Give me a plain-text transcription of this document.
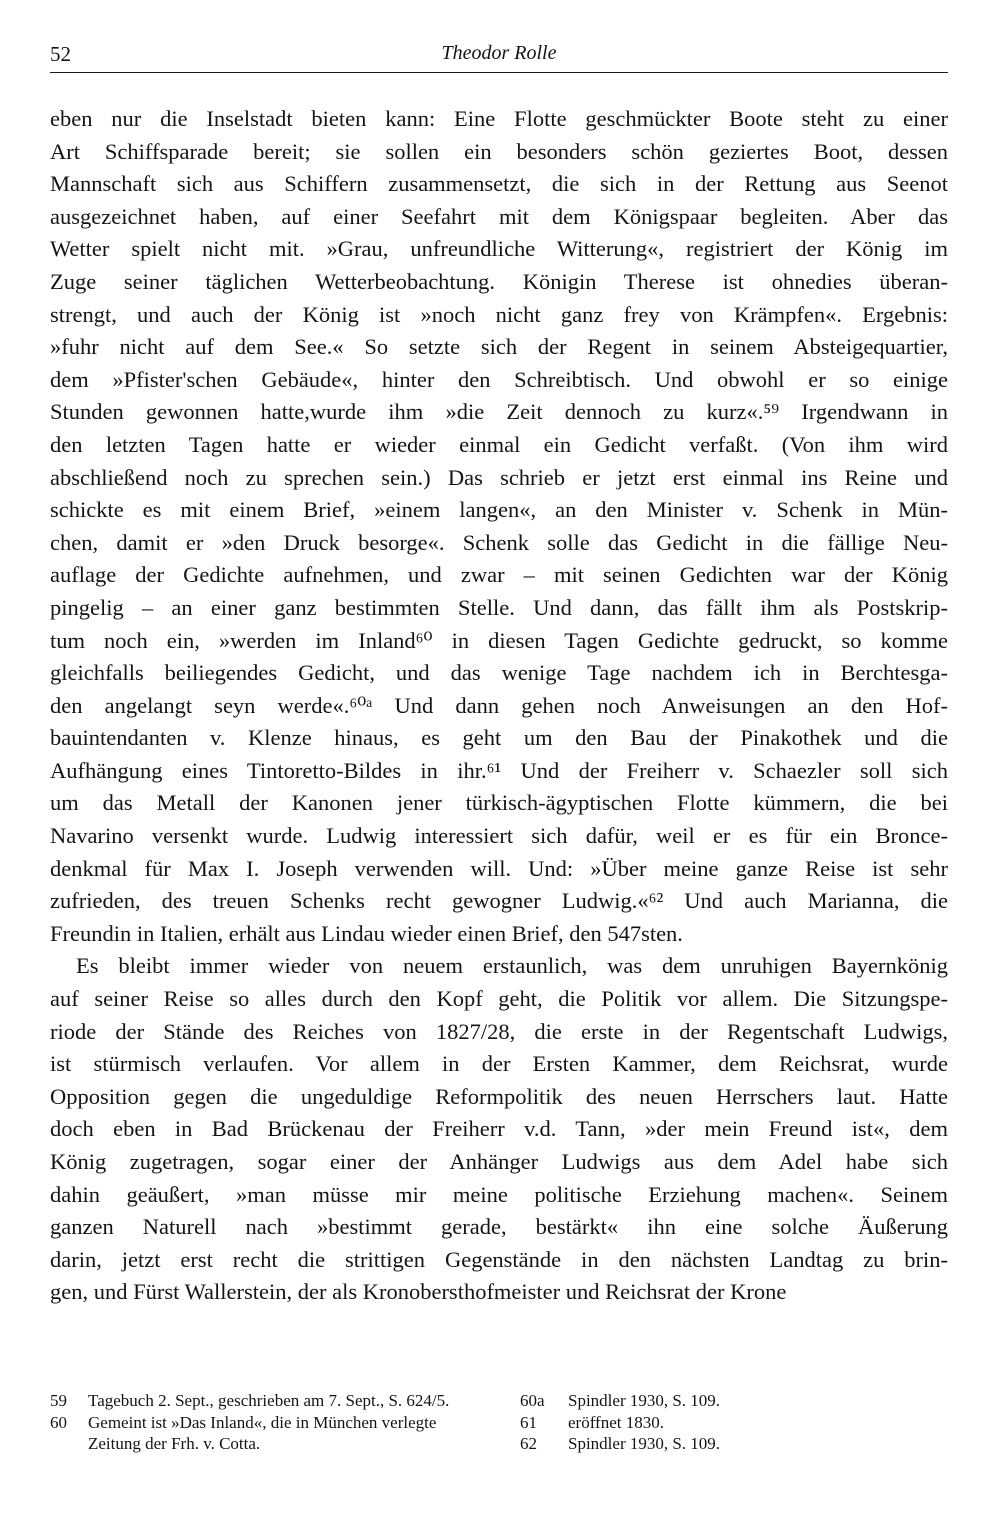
52	Theodor Rolle
eben nur die Inselstadt bieten kann: Eine Flotte geschmückter Boote steht zu einer
Art Schiffsparade bereit; sie sollen ein besonders schön geziertes Boot, dessen
Mannschaft sich aus Schiffern zusammensetzt, die sich in der Rettung aus Seenot
ausgezeichnet haben, auf einer Seefahrt mit dem Königspaar begleiten. Aber das
Wetter spielt nicht mit. »Grau, unfreundliche Witterung«, registriert der König im
Zuge seiner täglichen Wetterbeobachtung. Königin Therese ist ohnedies überan-
strengt, und auch der König ist »noch nicht ganz frey von Krämpfen«. Ergebnis:
»fuhr nicht auf dem See.« So setzte sich der Regent in seinem Absteigequartier,
dem »Pfister'schen Gebäude«, hinter den Schreibtisch. Und obwohl er so einige
Stunden gewonnen hatte,wurde ihm »die Zeit dennoch zu kurz«.⁵⁹ Irgendwann in
den letzten Tagen hatte er wieder einmal ein Gedicht verfaßt. (Von ihm wird
abschließend noch zu sprechen sein.) Das schrieb er jetzt erst einmal ins Reine und
schickte es mit einem Brief, »einem langen«, an den Minister v. Schenk in Mün-
chen, damit er »den Druck besorge«. Schenk solle das Gedicht in die fällige Neu-
auflage der Gedichte aufnehmen, und zwar – mit seinen Gedichten war der König
pingelig – an einer ganz bestimmten Stelle. Und dann, das fällt ihm als Postskrip-
tum noch ein, »werden im Inland⁶⁰ in diesen Tagen Gedichte gedruckt, so komme
gleichfalls beiliegendes Gedicht, und das wenige Tage nachdem ich in Berchtesga-
den angelangt seyn werde«.⁶⁰ᵃ Und dann gehen noch Anweisungen an den Hof-
bauintendanten v. Klenze hinaus, es geht um den Bau der Pinakothek und die
Aufhängung eines Tintoretto-Bildes in ihr.⁶¹ Und der Freiherr v. Schaezler soll sich
um das Metall der Kanonen jener türkisch-ägyptischen Flotte kümmern, die bei
Navarino versenkt wurde. Ludwig interessiert sich dafür, weil er es für ein Bronce-
denkmal für Max I. Joseph verwenden will. Und: »Über meine ganze Reise ist sehr
zufrieden, des treuen Schenks recht gewogner Ludwig.«⁶² Und auch Marianna, die
Freundin in Italien, erhält aus Lindau wieder einen Brief, den 547sten.
Es bleibt immer wieder von neuem erstaunlich, was dem unruhigen Bayernkönig
auf seiner Reise so alles durch den Kopf geht, die Politik vor allem. Die Sitzungspe-
riode der Stände des Reiches von 1827/28, die erste in der Regentschaft Ludwigs,
ist stürmisch verlaufen. Vor allem in der Ersten Kammer, dem Reichsrat, wurde
Opposition gegen die ungeduldige Reformpolitik des neuen Herrschers laut. Hatte
doch eben in Bad Brückenau der Freiherr v.d. Tann, »der mein Freund ist«, dem
König zugetragen, sogar einer der Anhänger Ludwigs aus dem Adel habe sich
dahin geäußert, »man müsse mir meine politische Erziehung machen«. Seinem
ganzen Naturell nach »bestimmt gerade, bestärkt« ihn eine solche Äußerung
darin, jetzt erst recht die strittigen Gegenstände in den nächsten Landtag zu brin-
gen, und Fürst Wallerstein, der als Kronobersthofmeister und Reichsrat der Krone
59 Tagebuch 2. Sept., geschrieben am 7. Sept., S. 624/5.
60 Gemeint ist »Das Inland«, die in München verlegte Zeitung der Frh. v. Cotta.
60a Spindler 1930, S. 109.
61 eröffnet 1830.
62 Spindler 1930, S. 109.
